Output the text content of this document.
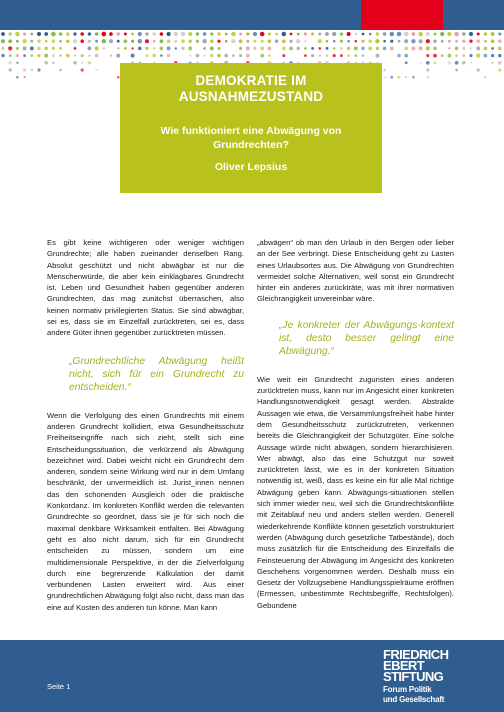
DEMOKRATIE IM
AUSNAHMEZUSTAND
Wie funktioniert eine Abwägung von Grundrechten?
Oliver Lepsius

Es gibt keine wichtigeren oder weniger wichtigen Grundrechte; alle haben zueinander denselben Rang. Absolut geschützt und nicht abwägbar ist nur die Menschenwürde, die aber kein einklagbares Grundrecht ist. Leben und Gesundheit haben gegenüber anderen Grundrechten, das mag zunächst überraschen, also keinen normativ privilegierten Status. Sie sind abwägbar, sei es, dass sie im Einzelfall zurücktreten, sei es, dass andere Güter ihnen gegenüber zurücktreten müssen.

„Grundrechtliche Abwägung heißt nicht, sich für ein Grundrecht zu entscheiden.“

Wenn die Verfolgung des einen Grundrechts mit einem anderen Grundrecht kollidiert, etwa Gesundheitsschutz Freiheitseingriffe nach sich zieht, stellt sich eine Entscheidungssituation, die verkürzend als Abwägung bezeichnet wird. Dabei weicht nicht ein Grundrecht dem anderen, sondern seine Wirkung wird nur in dem Umfang beschränkt, der unvermeidlich ist. Jurist_innen nennen das den schonenden Ausgleich oder die praktische Konkordanz. Im konkreten Konflikt werden die relevanten Grundrechte so geordnet, dass sie je für sich noch die maximal denkbare Wirksamkeit entfalten. Bei Abwägung geht es also nicht darum, sich für ein Grundrecht entscheiden zu müssen, sondern um eine multidimensionale Perspektive, in der die Zielverfolgung durch eine begrenzende Kalkulation der damit verbundenen Lasten erweitert wird. Aus einer grundrechtlichen Abwägung folgt also nicht, dass man das eine auf Kosten des anderen tun könne. Man kann

„abwägen“ ob man den Urlaub in den Bergen oder lieber an der See verbringt. Diese Entscheidung geht zu Lasten eines Urlaubsortes aus. Die Abwägung von Grundrechten vermeidet solche Alternativen, weil sonst ein Grundrecht hinter ein anderes zurückträte, was mit ihrer normativen Gleichrangigkeit unvereinbar wäre.

„Je konkreter der Abwägungs-kontext ist, desto besser gelingt eine Abwägung.“

Wie weit ein Grundrecht zugunsten eines anderen zurücktreten muss, kann nur im Angesicht einer konkreten Handlungsnotwendigkeit gesagt werden. Abstrakte Aussagen wie etwa, die Versammlungsfreiheit habe hinter dem Gesundheitsschutz zurückzutreten, verkennen bereits die Gleichrangigkeit der Schutzgüter. Eine solche Aussage würde nicht abwägen, sondern hierarchisieren. Wer abwägt, also das eine Schutzgut nur soweit zurücktreten lässt, wie es in der konkreten Situation notwendig ist, weiß, dass es keine ein für alle Mal richtige Abwägung geben kann. Abwägungs-situationen stellen sich immer wieder neu, weil sich die Grundrechtskonflikte mit Zeitablauf neu und anders stellen werden. Generell wiederkehrende Konflikte können gesetzlich vorstrukturiert werden (Abwägung durch gesetzliche Tatbestände), doch muss zusätzlich für die Entscheidung des Einzelfalls die Feinsteuerung der Abwägung im Angesicht des konkreten Geschehens vorgenommen werden. Deshalb muss ein Gesetz der Vollzugsebene Handlungsspielräume eröffnen (Ermessen, unbestimmte Rechtsbegriffe, Rechtsfolgen). Gebundene

Seite 1
FRIEDRICH
EBERT
STIFTUNG
Forum Politik
und Gesellschaft
